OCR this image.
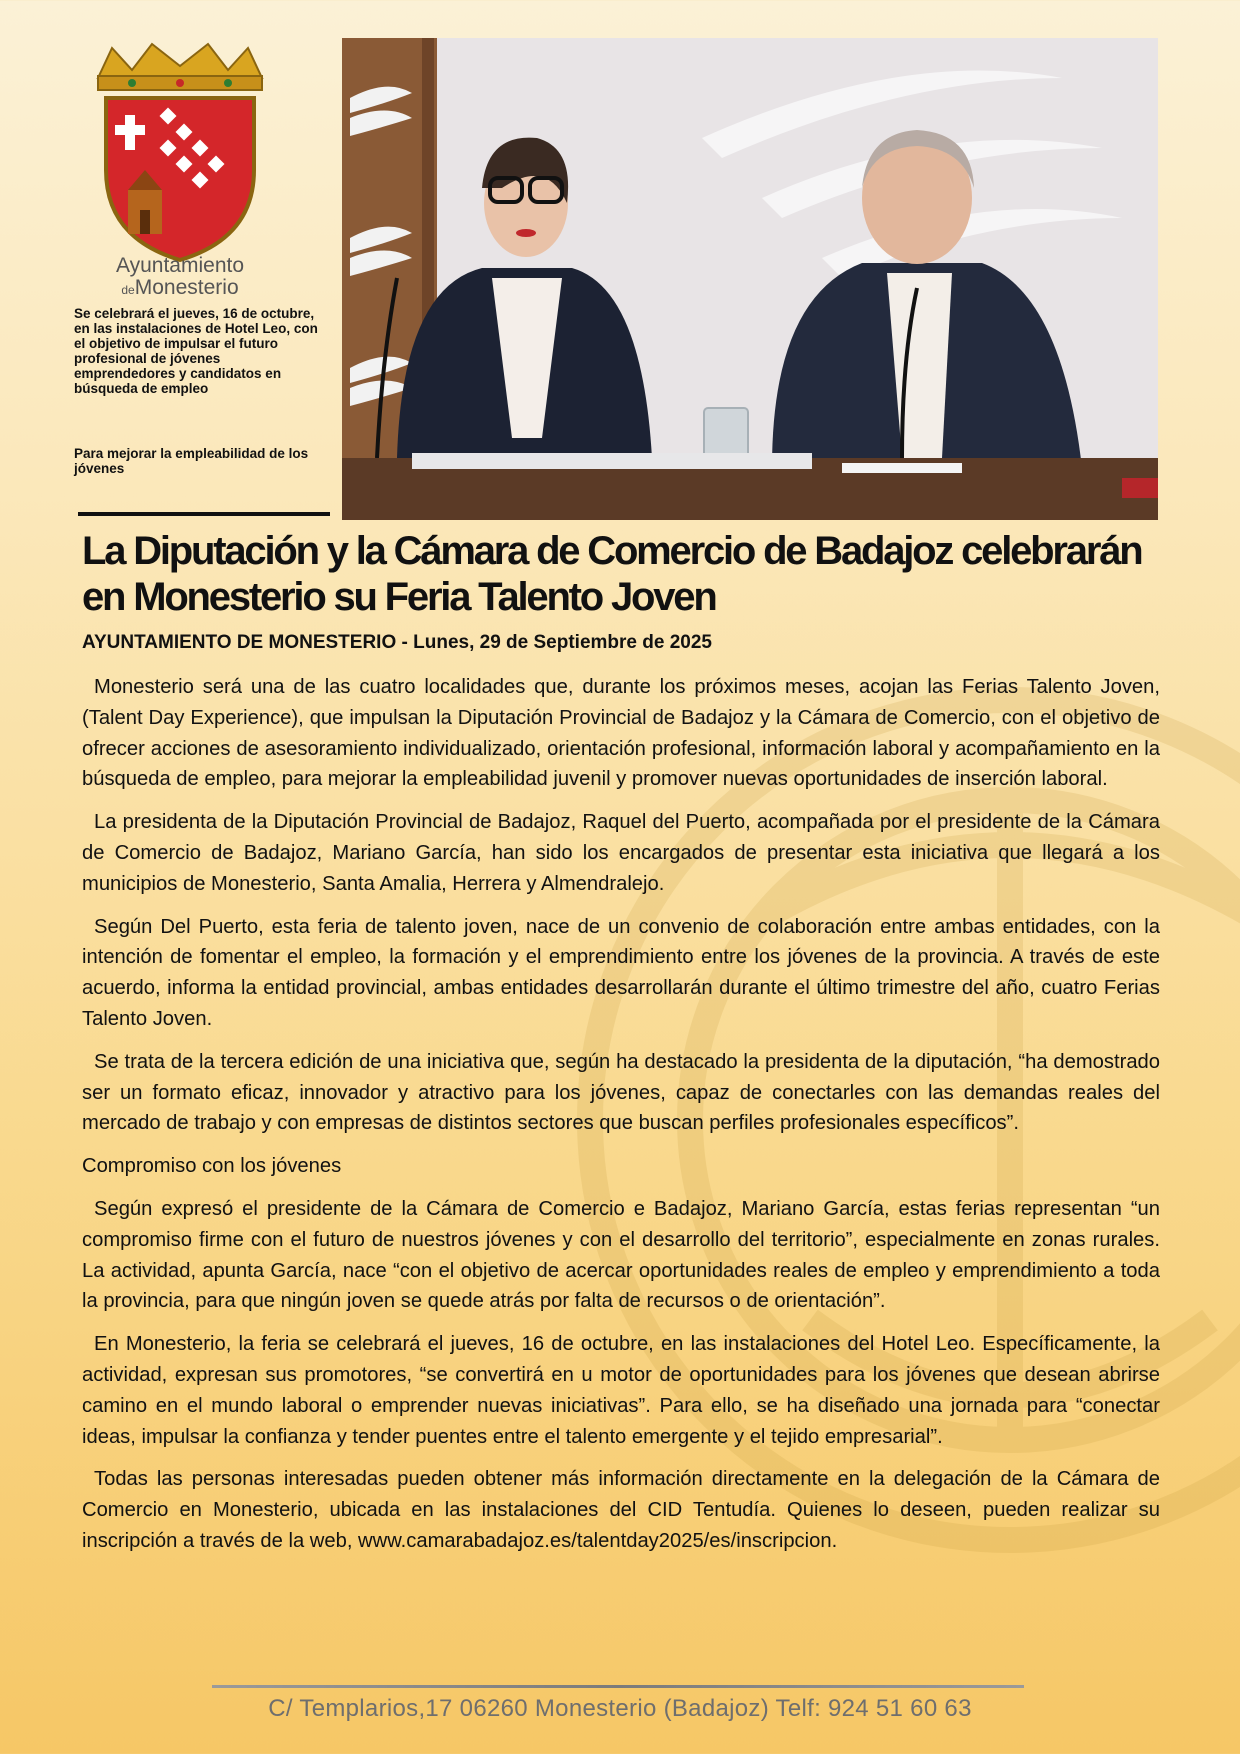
Ayuntamiento
deMonesterio
Se celebrará el jueves, 16 de octubre, en las instalaciones de Hotel Leo, con el objetivo de impulsar el futuro profesional de jóvenes emprendedores y candidatos en búsqueda de empleo
Para mejorar la empleabilidad de los jóvenes
La Diputación y la Cámara de Comercio de Badajoz celebrarán en Monesterio su Feria Talento Joven
AYUNTAMIENTO DE MONESTERIO - Lunes, 29 de Septiembre de 2025

Monesterio será una de las cuatro localidades que, durante los próximos meses, acojan las Ferias Talento Joven, (Talent Day Experience), que impulsan la Diputación Provincial de Badajoz y la Cámara de Comercio, con el objetivo de ofrecer acciones de asesoramiento individualizado, orientación profesional, información laboral y acompañamiento en la búsqueda de empleo, para mejorar la empleabilidad juvenil y promover nuevas oportunidades de inserción laboral.

La presidenta de la Diputación Provincial de Badajoz, Raquel del Puerto, acompañada por el presidente de la Cámara de Comercio de Badajoz, Mariano García, han sido los encargados de presentar esta iniciativa que llegará a los municipios de Monesterio, Santa Amalia, Herrera y Almendralejo.

Según Del Puerto, esta feria de talento joven, nace de un convenio de colaboración entre ambas entidades, con la intención de fomentar el empleo, la formación y el emprendimiento entre los jóvenes de la provincia. A través de este acuerdo, informa la entidad provincial, ambas entidades desarrollarán durante el último trimestre del año, cuatro Ferias Talento Joven.

Se trata de la tercera edición de una iniciativa que, según ha destacado la presidenta de la diputación, “ha demostrado ser un formato eficaz, innovador y atractivo para los jóvenes, capaz de conectarles con las demandas reales del mercado de trabajo y con empresas de distintos sectores que buscan perfiles profesionales específicos”.

Compromiso con los jóvenes

Según expresó el presidente de la Cámara de Comercio e Badajoz, Mariano García, estas ferias representan “un compromiso firme con el futuro de nuestros jóvenes y con el desarrollo del territorio”, especialmente en zonas rurales. La actividad, apunta García, nace “con el objetivo de acercar oportunidades reales de empleo y emprendimiento a toda la provincia, para que ningún joven se quede atrás por falta de recursos o de orientación”.

En Monesterio, la feria se celebrará el jueves, 16 de octubre, en las instalaciones del Hotel Leo. Específicamente, la actividad, expresan sus promotores, “se convertirá en u motor de oportunidades para los jóvenes que desean abrirse camino en el mundo laboral o emprender nuevas iniciativas”. Para ello, se ha diseñado una jornada para “conectar ideas, impulsar la confianza y tender puentes entre el talento emergente y el tejido empresarial”.

Todas las personas interesadas pueden obtener más información directamente en la delegación de la Cámara de Comercio en Monesterio, ubicada en las instalaciones del CID Tentudía. Quienes lo deseen, pueden realizar su inscripción a través de la web, www.camarabadajoz.es/talentday2025/es/inscripcion.

C/ Templarios,17 06260 Monesterio (Badajoz) Telf: 924 51 60 63
